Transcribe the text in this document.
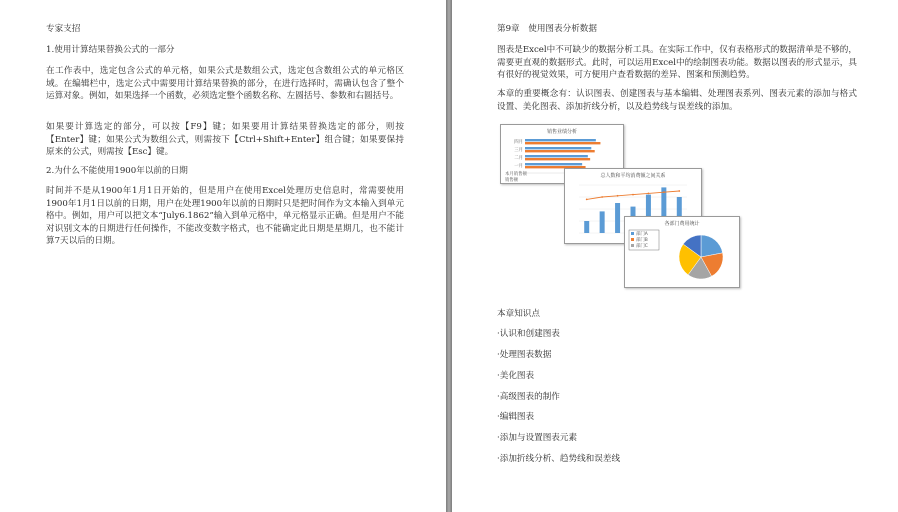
专家支招

1.使用计算结果替换公式的一部分

在工作表中，选定包含公式的单元格，如果公式是数组公式，选定包含数组公式的单元格区域。在编辑栏中，选定公式中需要用计算结果替换的部分，在进行选择时，需确认包含了整个运算对象。例如，如果选择一个函数，必须选定整个函数名称、左圆括号、参数和右圆括号。

如果要计算选定的部分，可以按【F9】键；如果要用计算结果替换选定的部分，则按【Enter】键；如果公式为数组公式，则需按下【Ctrl+Shift+Enter】组合键；如果要保持原来的公式，则需按【Esc】键。

2.为什么不能使用1900年以前的日期

时间并不是从1900年1月1日开始的，但是用户在使用Excel处理历史信息时，常需要使用1900年1月1日以前的日期，用户在处理1900年以前的日期时只是把时间作为文本输入到单元格中。例如，用户可以把文本“July6.1862”输入到单元格中，单元格显示正确。但是用户不能对识别文本的日期进行任何操作，不能改变数字格式，也不能确定此日期是星期几，也不能计算7天以后的日期。

第9章　使用图表分析数据

图表是Excel中不可缺少的数据分析工具。在实际工作中，仅有表格形式的数据清单是不够的，需要更直观的数据形式。此时，可以运用Excel中的绘制图表功能。数据以图表的形式显示，具有很好的视觉效果，可方便用户查看数据的差异、图案和预测趋势。

本章的重要概念有：认识图表、创建图表与基本编辑、处理图表系列、图表元素的添加与格式设置、美化图表、添加折线分析，以及趋势线与误差线的添加。

销售业绩分析
四月
三月
二月
一月
本月销售额
销售额
总人数和平均消费额之间关系
各部门费用统计
部门A
部门B
部门C

本章知识点

·认识和创建图表

·处理图表数据

·美化图表

·高级图表的制作

·编辑图表

·添加与设置图表元素

·添加折线分析、趋势线和误差线
